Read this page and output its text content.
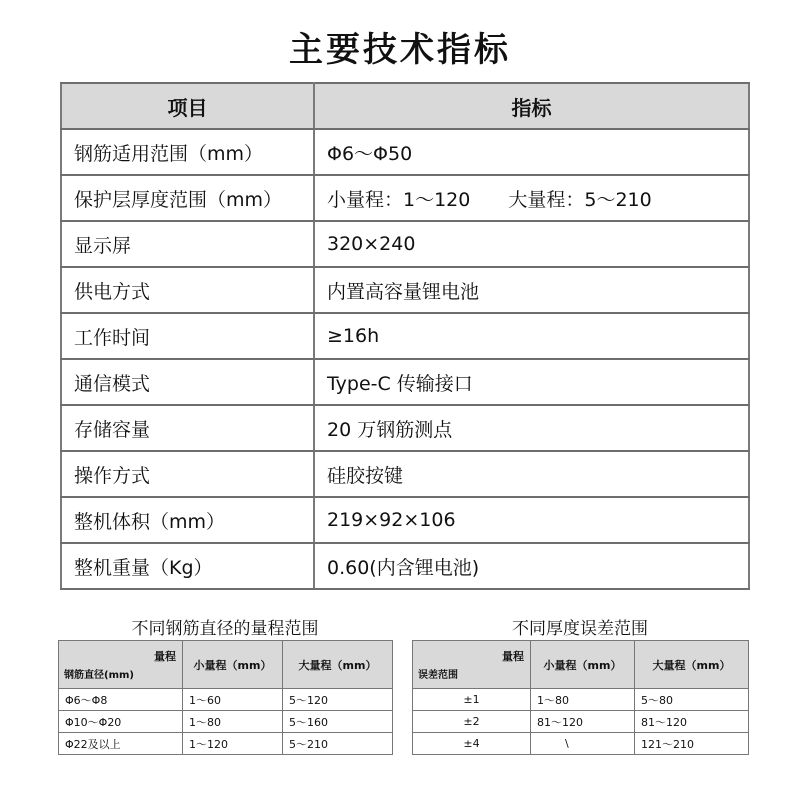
主要技术指标
项目	指标
钢筋适用范围（mm）	Φ6～Φ50
保护层厚度范围（mm）	小量程：1～120 大量程：5～210
显示屏	320×240
供电方式	内置高容量锂电池
工作时间	≥16h
通信模式	Type-C 传输接口
存储容量	20 万钢筋测点
操作方式	硅胶按键
整机体积（mm）	219×92×106
整机重量（Kg）	0.60(内含锂电池)
不同钢筋直径的量程范围
量程
钢筋直径(mm)	小量程（mm）	大量程（mm）
Φ6～Φ8	1～60	5～120
Φ10～Φ20	1～80	5～160
Φ22及以上	1～120	5～210
不同厚度误差范围
量程
误差范围	小量程（mm）	大量程（mm）
±1	1～80	5～80
±2	81～120	81～120
±4	\	121～210
